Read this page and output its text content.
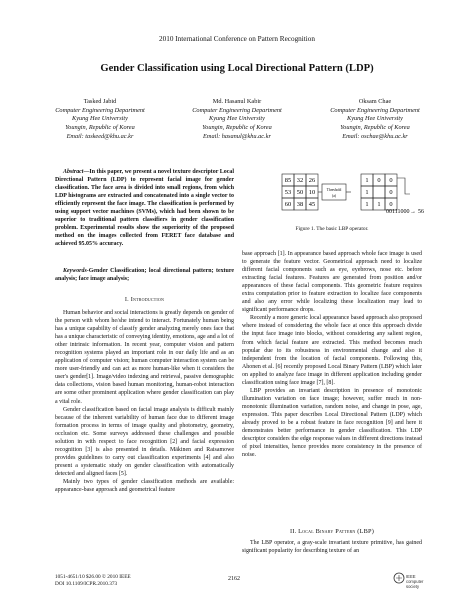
2010 International Conference on Pattern Recognition
Gender Classification using Local Directional Pattern (LDP)
Tasked Jabid
Computer Engineering Department
Kyung Hee University
Youngin, Republic of Korea
Email: taskeed@khu.ac.kr
Md. Hasanul Kabir
Computer Engineering Department
Kyung Hee University
Youngin, Republic of Korea
Email: hasanul@khu.ac.kr
Oksam Chae
Computer Engineering Department
Kyung Hee University
Youngin, Republic of Korea
Email: oschae@khu.ac.kr

Abstract—In this paper, we present a novel texture descriptor Local Directional Pattern (LDP) to represent facial image for gender classification. The face area is divided into small regions, from which LDP histograms are extracted and concatenated into a single vector to efficiently represent the face image. The classification is performed by using support vector machines (SVMs), which had been shown to be superior to traditional pattern classifiers in gender classification problem. Experimental results show the superiority of the proposed method on the images collected from FERET face database and achieved 95.05% accuracy.

Keywords-Gender Classification; local directional pattern; texture analysis; face image analysis;

I. Introduction

Human behavior and social interactions is greatly depends on gender of the person with whom he/she intend to interact. Fortunately human being has a unique capability of classify gender analyzing merely ones face that has a unique characteristic of conveying identity, emotions, age and a lot of other intrinsic information. In recent year, computer vision and pattern recognition systems played an important role in our daily life and as an application of computer vision; human computer interaction system can be more user-friendly and can act as more human-like when it considers the user's gender[1]. Image/video indexing and retrieval, passive demographic data collections, vision based human monitoring, human-robot interaction are some other prominent application where gender classification can play a vital role.

Gender classification based on facial image analysis is difficult mainly because of the inherent variability of human face due to different image formation process in terms of image quality and photometry, geometry, occlusion etc. Some surveys addressed these challenges and possible solution in with respect to face recognition [2] and facial expression recognition [3] is also presented in details. Mäkinen and Raisamowe provides guidelines to carry out classification experiments [4] and also present a systematic study on gender classification with automatically detected and aligned faces [5].

Mainly two types of gender classification methods are available: appearance-base approach and geometrical feature

85 32 26
53 50 10
60 38 45
Threshold
(a)
1 0 0
1	0
1 1 0
00111000 → 56
Figure 1. The basic LBP operator.

base approach [1]. In appearance based approach whole face image is used to generate the feature vector. Geometrical approach need to localize different facial components such as eye, eyebrows, nose etc. before extracting facial features. Features are generated from position and/or appearances of these facial components. This geometric feature requires extra computation prior to feature extraction to localize face components and also any error while localizing these localization may lead to significant performance drops.

Recently a more generic local appearance based approach also proposed where instead of considering the whole face at once this approach divide the input face image into blocks, without considering any salient region, from which facial feature are extracted. This method becomes much popular due to its robustness in environmental change and also it independent from the location of facial components. Following this, Ahonen et al. [6] recently proposed Local Binary Pattern (LBP) which later on applied to analyze face image in different application including gender classification using face image [7], [8].

LBP provides an invariant description in presence of monotonic illumination variation on face image; however, suffer much in non-monotonic illumination variation, random noise, and change in pose, age, expression. This paper describes Local Directional Pattern (LDP) which already proved to be a robust feature in face recognition [9] and here it demonstrates better performance in gender classification. This LDP descriptor considers the edge response values in different directions instead of pixel intensities, hence provides more consistency in the presence of noise.

II. Local Binary Pattern (LBP)

The LBP operator, a gray-scale invariant texture primitive, has gained significant popularity for describing texture of an

1051-4651/10 $26.00 © 2010 IEEE
DOI 10.1109/ICPR.2010.373
2162	IEEE
computer
society
